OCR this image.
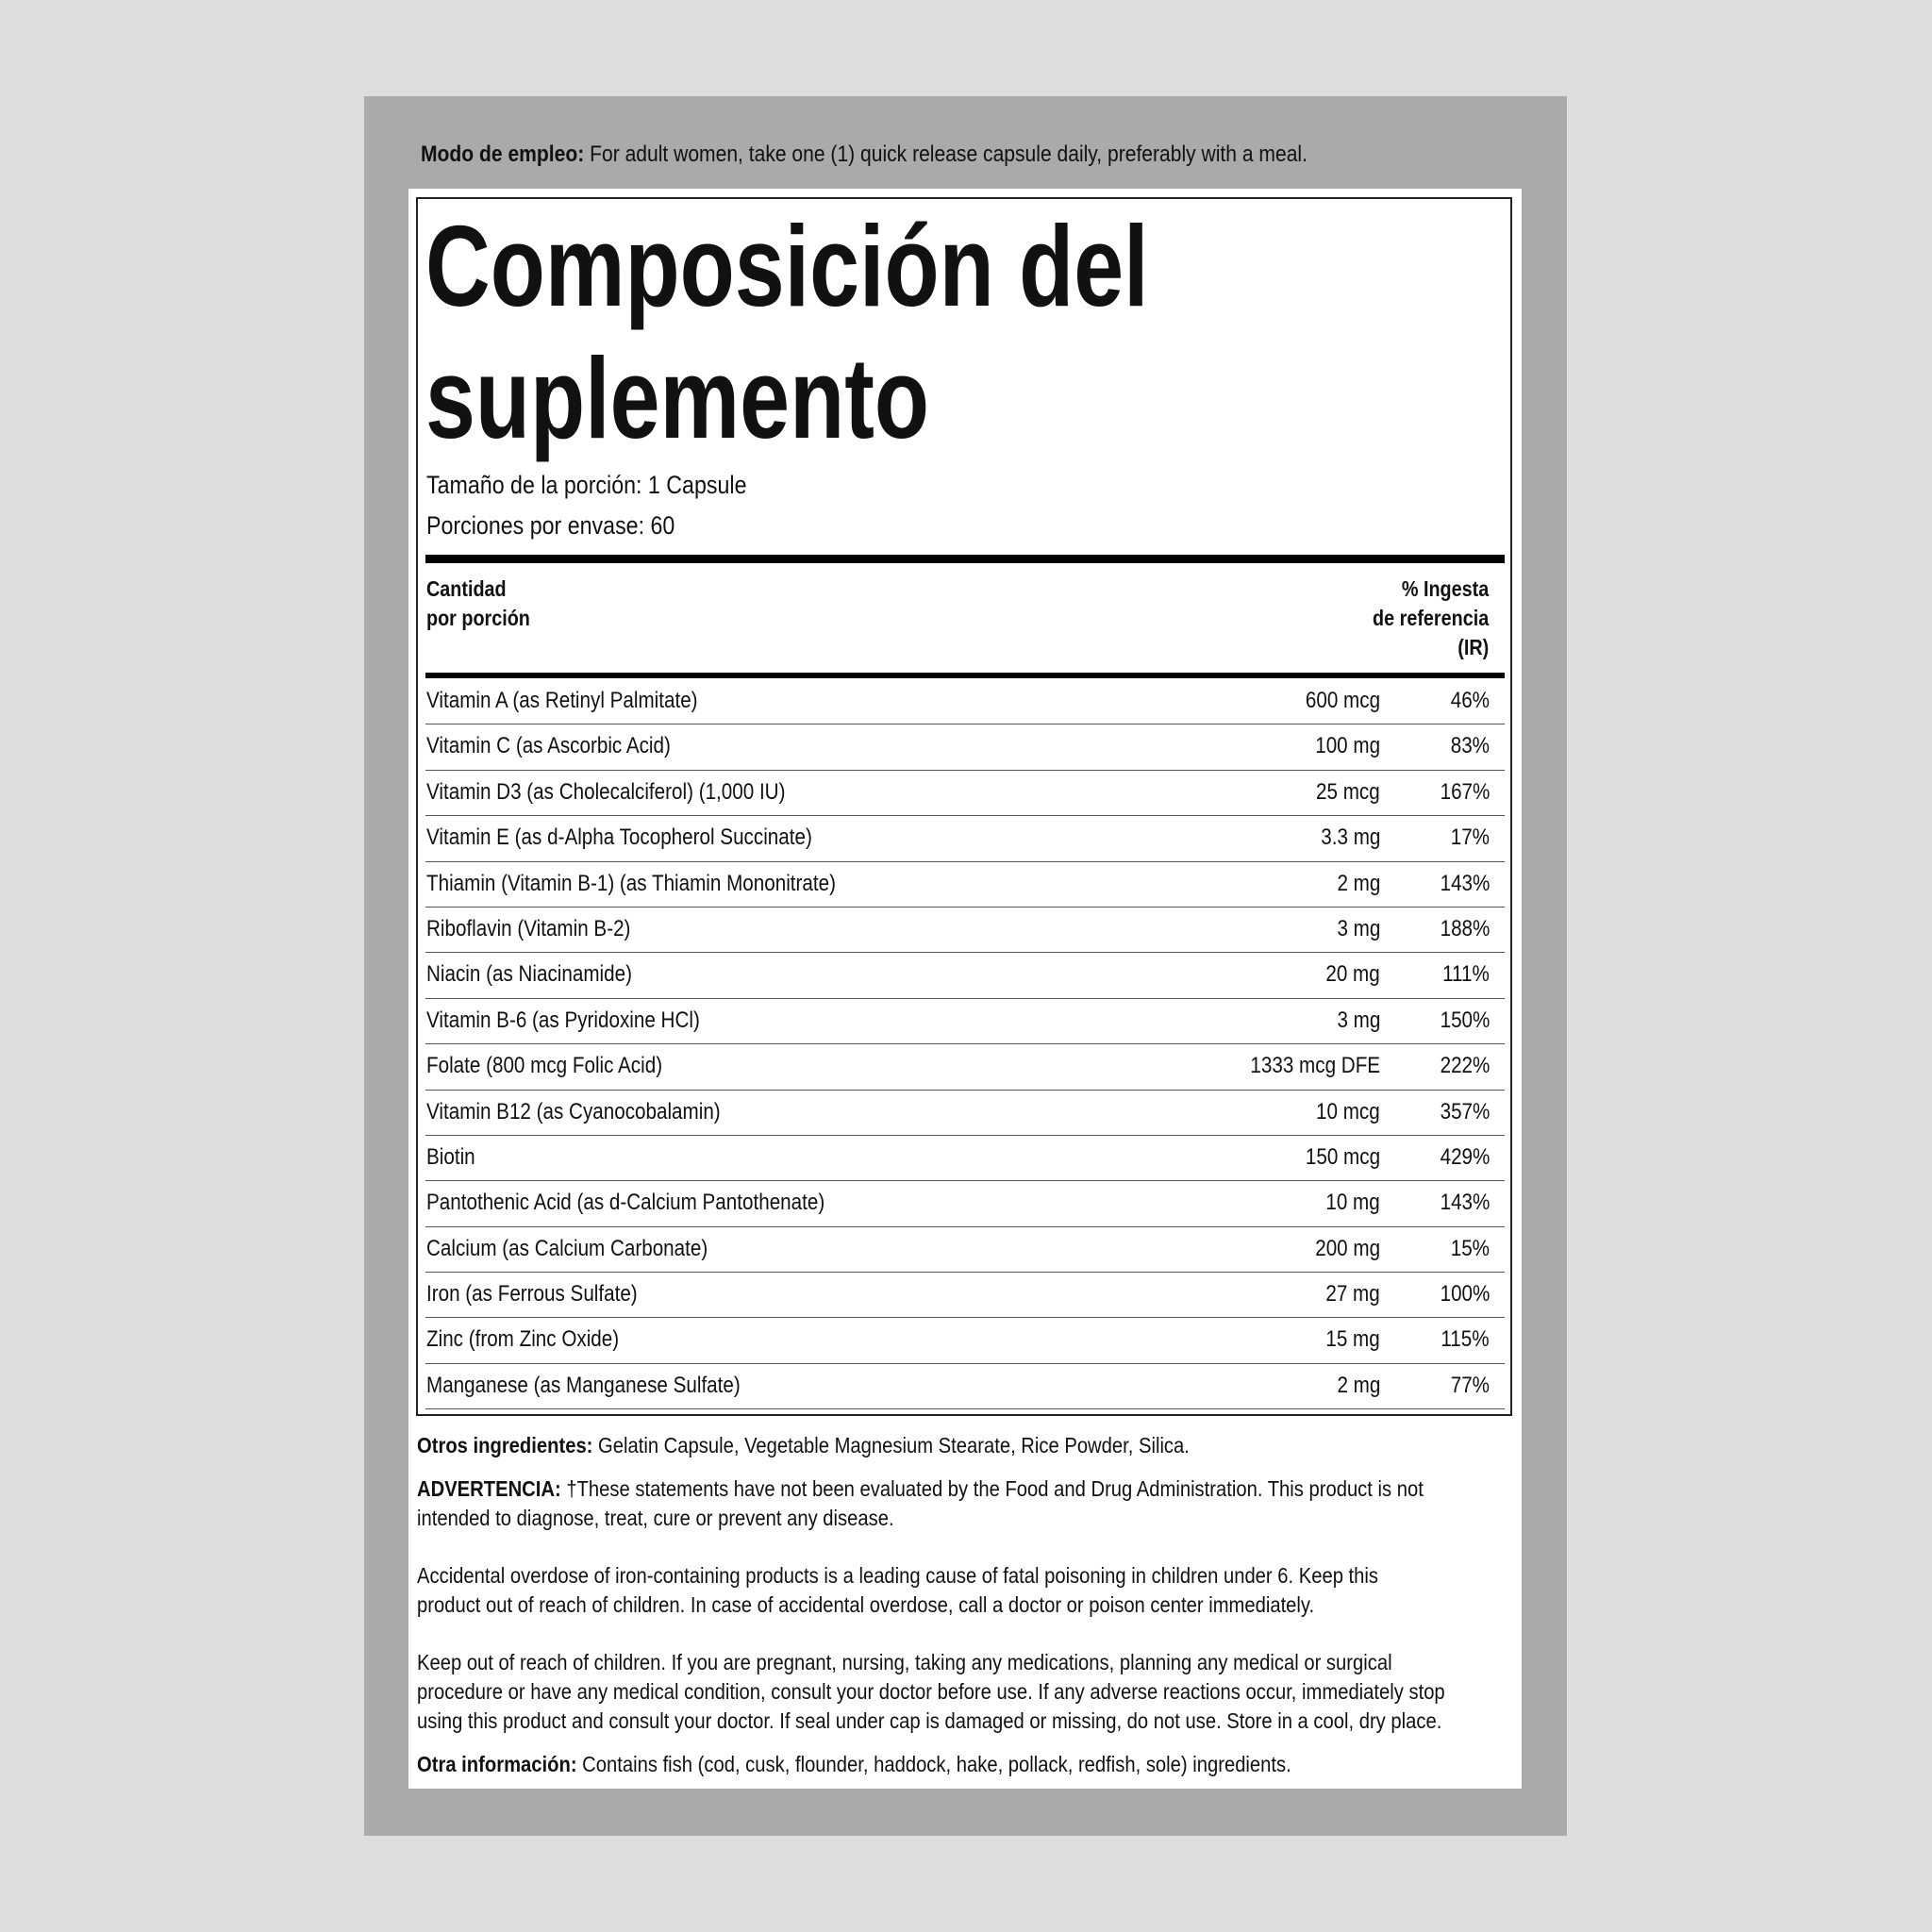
Modo de empleo: For adult women, take one (1) quick release capsule daily, preferably with a meal.
Composición del
suplemento
Tamaño de la porción: 1 Capsule
Porciones por envase: 60
Cantidad
por porción
% Ingesta
de referencia
(IR)
Vitamin A (as Retinyl Palmitate)	600 mcg	46%
Vitamin C (as Ascorbic Acid)	100 mg	83%
Vitamin D3 (as Cholecalciferol) (1,000 IU)	25 mcg	167%
Vitamin E (as d-Alpha Tocopherol Succinate)	3.3 mg	17%
Thiamin (Vitamin B-1) (as Thiamin Mononitrate)	2 mg	143%
Riboflavin (Vitamin B-2)	3 mg	188%
Niacin (as Niacinamide)	20 mg	111%
Vitamin B-6 (as Pyridoxine HCl)	3 mg	150%
Folate (800 mcg Folic Acid)	1333 mcg DFE	222%
Vitamin B12 (as Cyanocobalamin)	10 mcg	357%
Biotin	150 mcg	429%
Pantothenic Acid (as d-Calcium Pantothenate)	10 mg	143%
Calcium (as Calcium Carbonate)	200 mg	15%
Iron (as Ferrous Sulfate)	27 mg	100%
Zinc (from Zinc Oxide)	15 mg	115%
Manganese (as Manganese Sulfate)	2 mg	77%
Otros ingredientes: Gelatin Capsule, Vegetable Magnesium Stearate, Rice Powder, Silica.
ADVERTENCIA: †These statements have not been evaluated by the Food and Drug Administration. This product is not
intended to diagnose, treat, cure or prevent any disease.
Accidental overdose of iron-containing products is a leading cause of fatal poisoning in children under 6. Keep this
product out of reach of children. In case of accidental overdose, call a doctor or poison center immediately.
Keep out of reach of children. If you are pregnant, nursing, taking any medications, planning any medical or surgical
procedure or have any medical condition, consult your doctor before use. If any adverse reactions occur, immediately stop
using this product and consult your doctor. If seal under cap is damaged or missing, do not use. Store in a cool, dry place.
Otra información: Contains fish (cod, cusk, flounder, haddock, hake, pollack, redfish, sole) ingredients.
